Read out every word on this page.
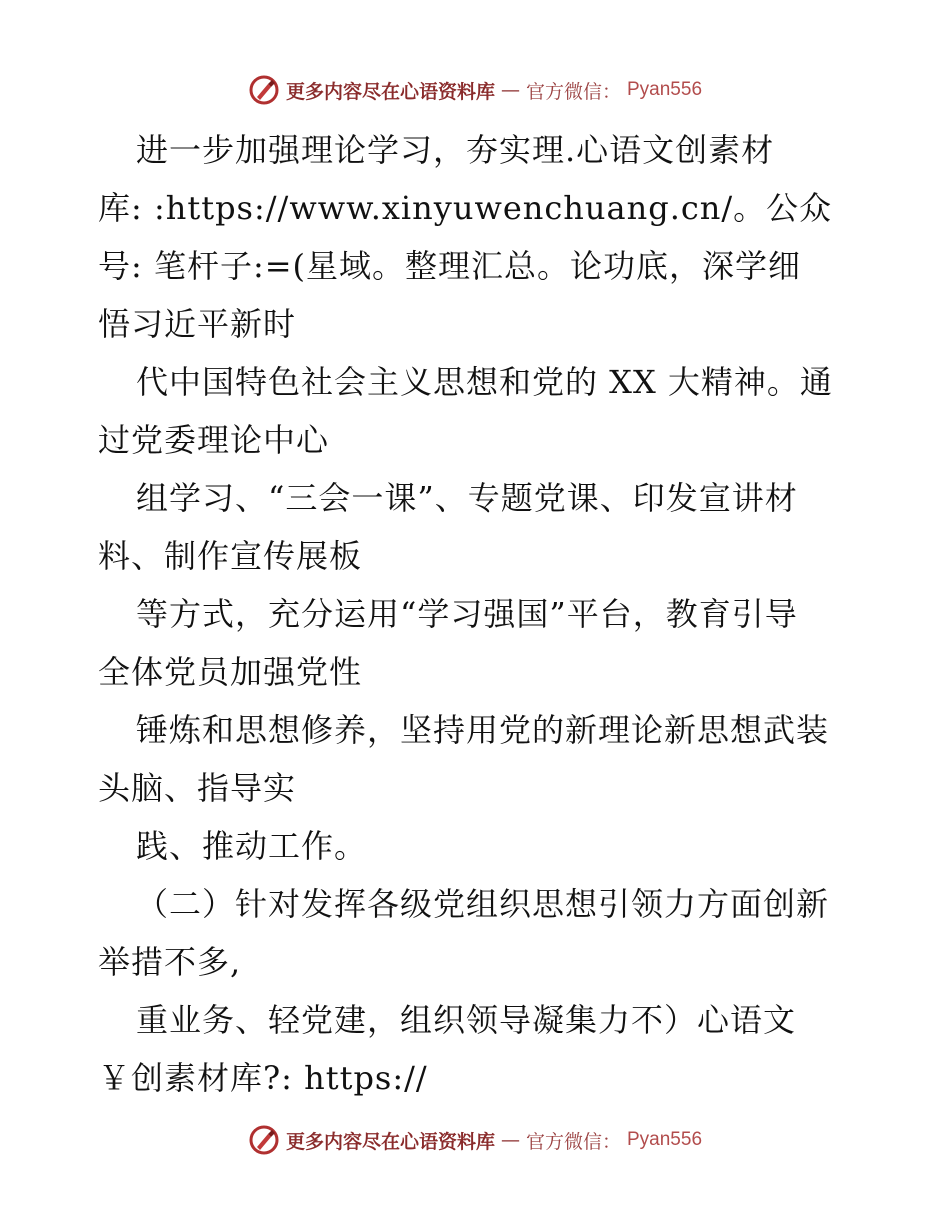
更多内容尽在心语资料库 — 官方微信： Pyan556
进一步加强理论学习，夯实理.心语文创素材
库: :https://www.xinyuwenchuang.cn/。公众
号: 笔杆子:=(星域。整理汇总。论功底，深学细
悟习近平新时
代中国特色社会主义思想和党的 XX 大精神。通
过党委理论中心
组学习、“三会一课”、专题党课、印发宣讲材
料、制作宣传展板
等方式，充分运用“学习强国”平台，教育引导
全体党员加强党性
锤炼和思想修养，坚持用党的新理论新思想武装
头脑、指导实
践、推动工作。
（二）针对发挥各级党组织思想引领力方面创新
举措不多,
重业务、轻党建，组织领导凝集力不）心语文
￥创素材库?: https://
更多内容尽在心语资料库 — 官方微信： Pyan556
